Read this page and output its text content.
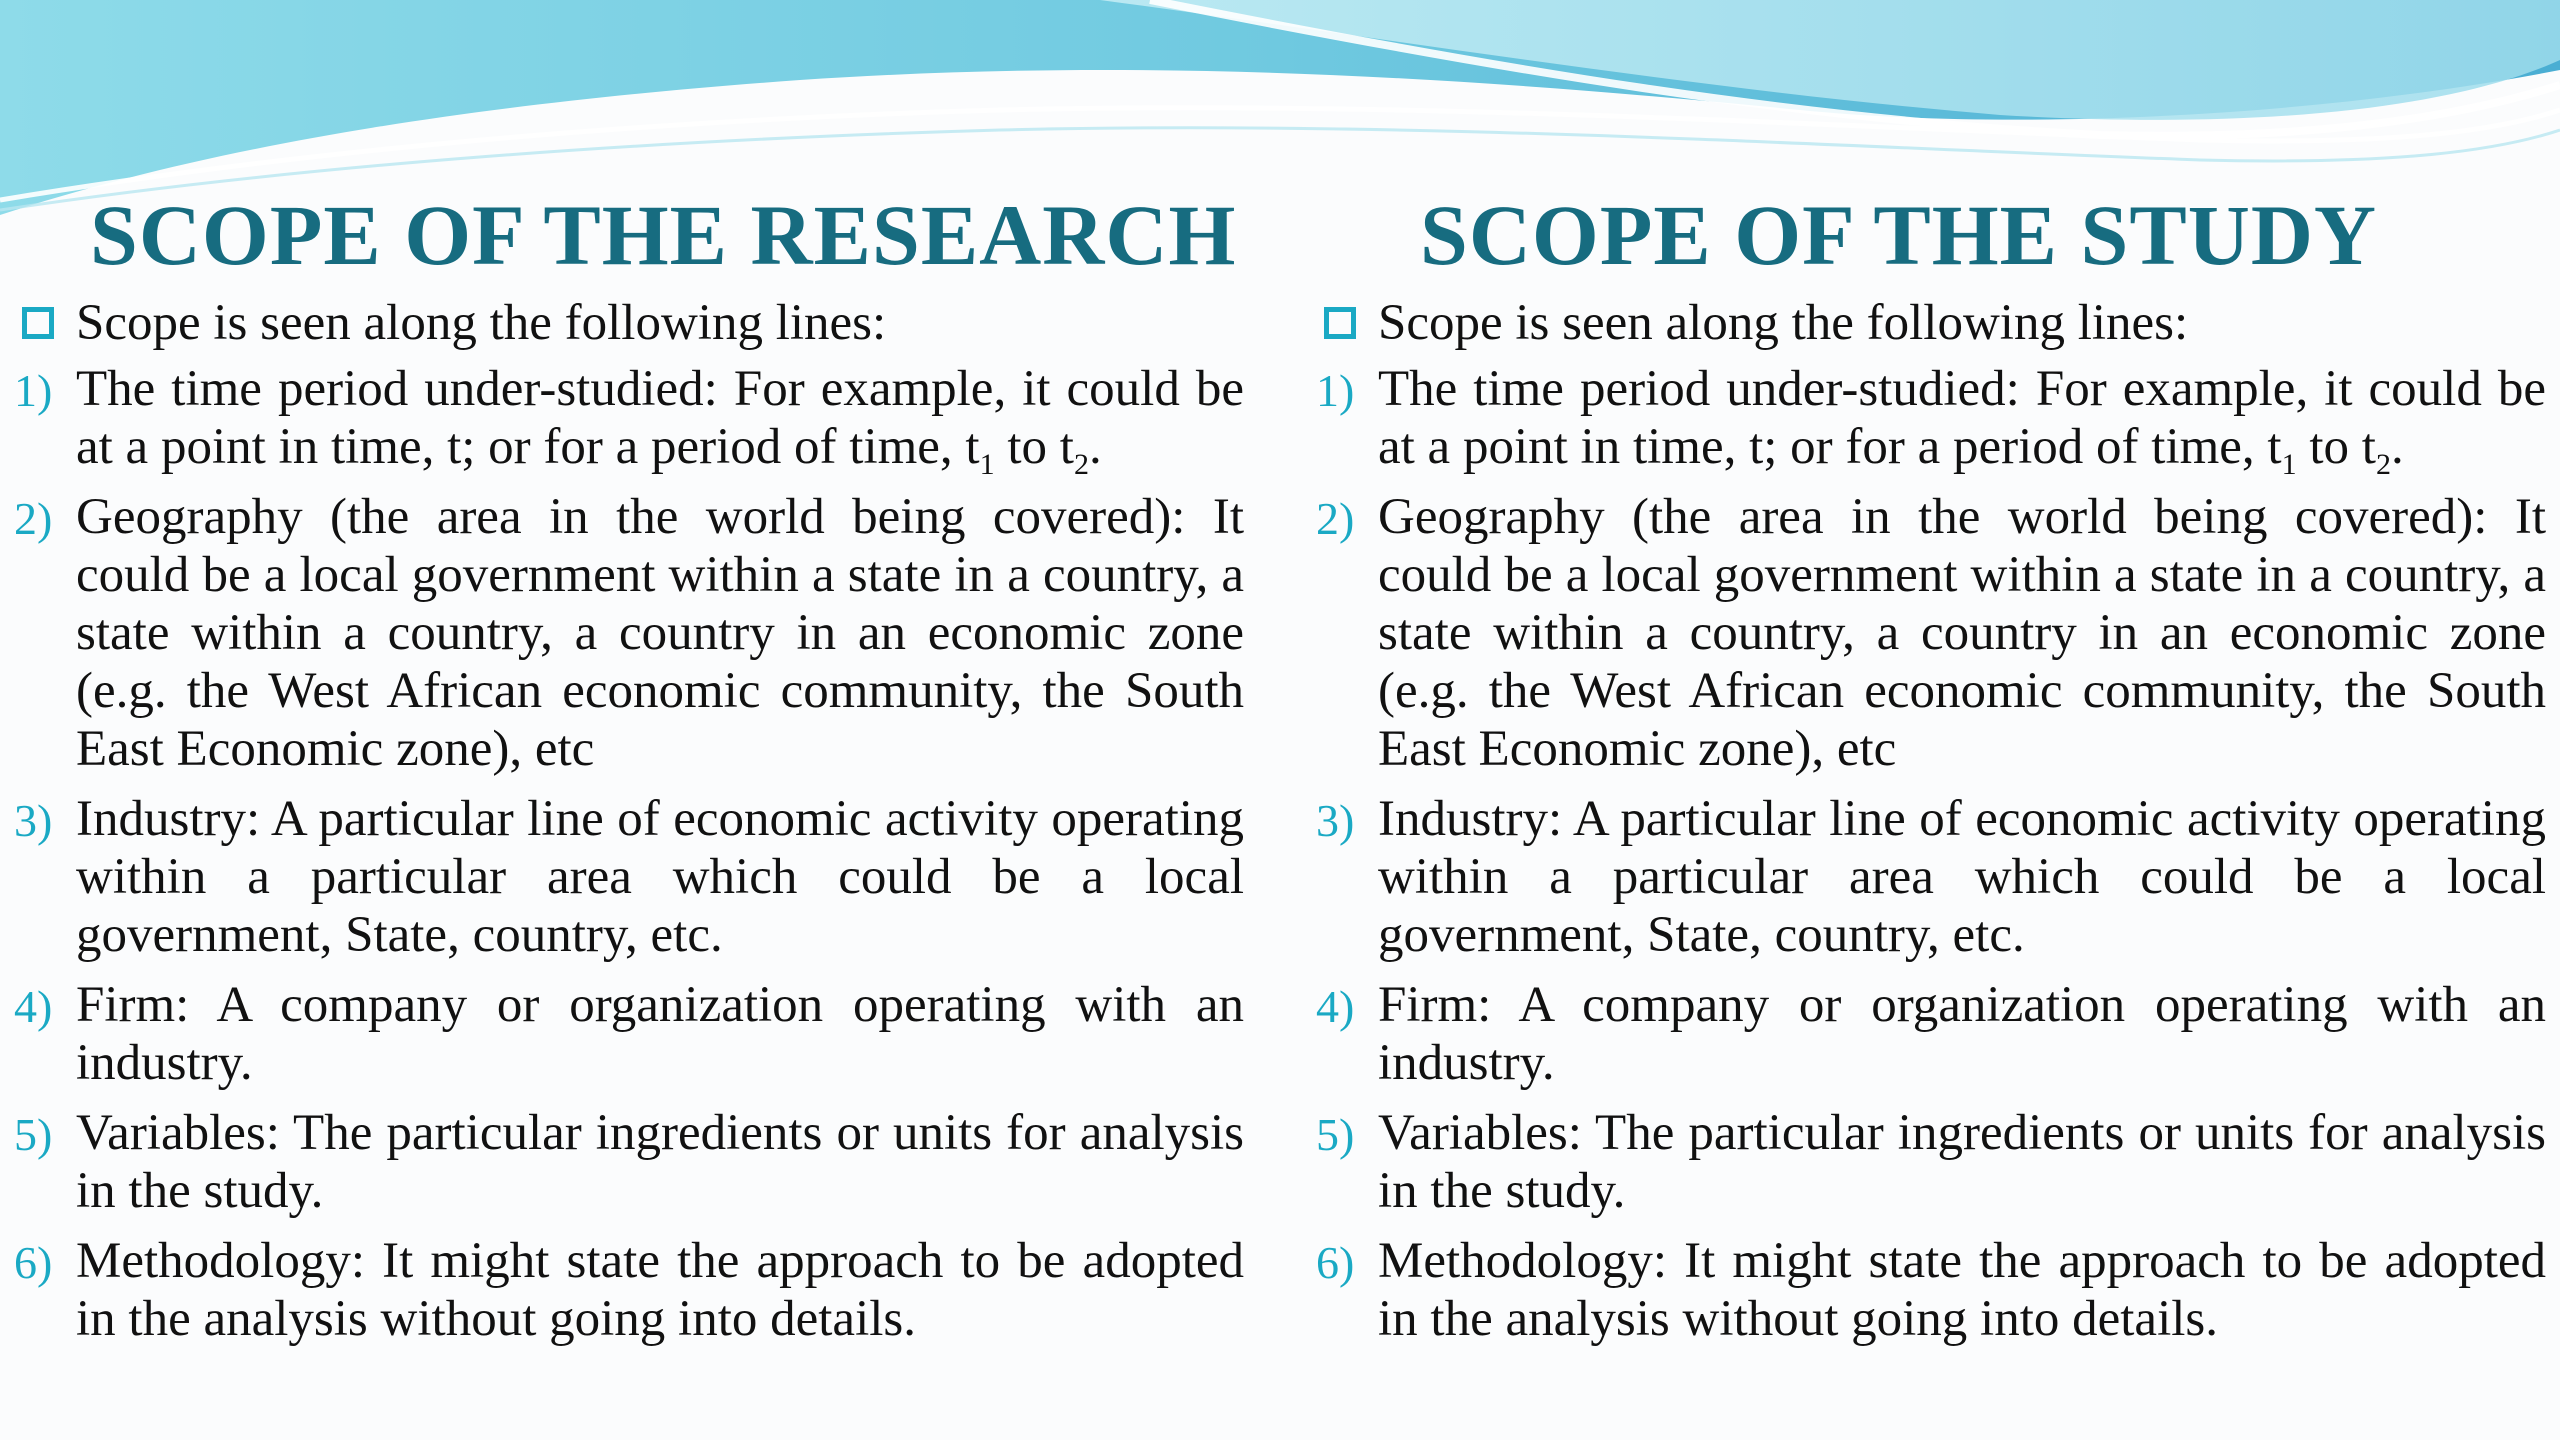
SCOPE OF THE RESEARCH
Scope is seen along the following lines:
1) The time period under-studied: For example, it could be at a point in time, t; or for a period of time, $t_1$ to $t_2$.
2) Geography (the area in the world being covered): It could be a local government within a state in a country, a state within a country, a country in an economic zone (e.g. the West African economic community, the South East Economic zone), etc
3) Industry: A particular line of economic activity operating within a particular area which could be a local government, State, country, etc.
4) Firm: A company or organization operating with an industry.
5) Variables: The particular ingredients or units for analysis in the study.
6) Methodology: It might state the approach to be adopted in the analysis without going into details.
SCOPE OF THE STUDY
Scope is seen along the following lines:
1) The time period under-studied: For example, it could be at a point in time, t; or for a period of time, $t_1$ to $t_2$.
2) Geography (the area in the world being covered): It could be a local government within a state in a country, a state within a country, a country in an economic zone (e.g. the West African economic community, the South East Economic zone), etc
3) Industry: A particular line of economic activity operating within a particular area which could be a local government, State, country, etc.
4) Firm: A company or organization operating with an industry.
5) Variables: The particular ingredients or units for analysis in the study.
6) Methodology: It might state the approach to be adopted in the analysis without going into details.
